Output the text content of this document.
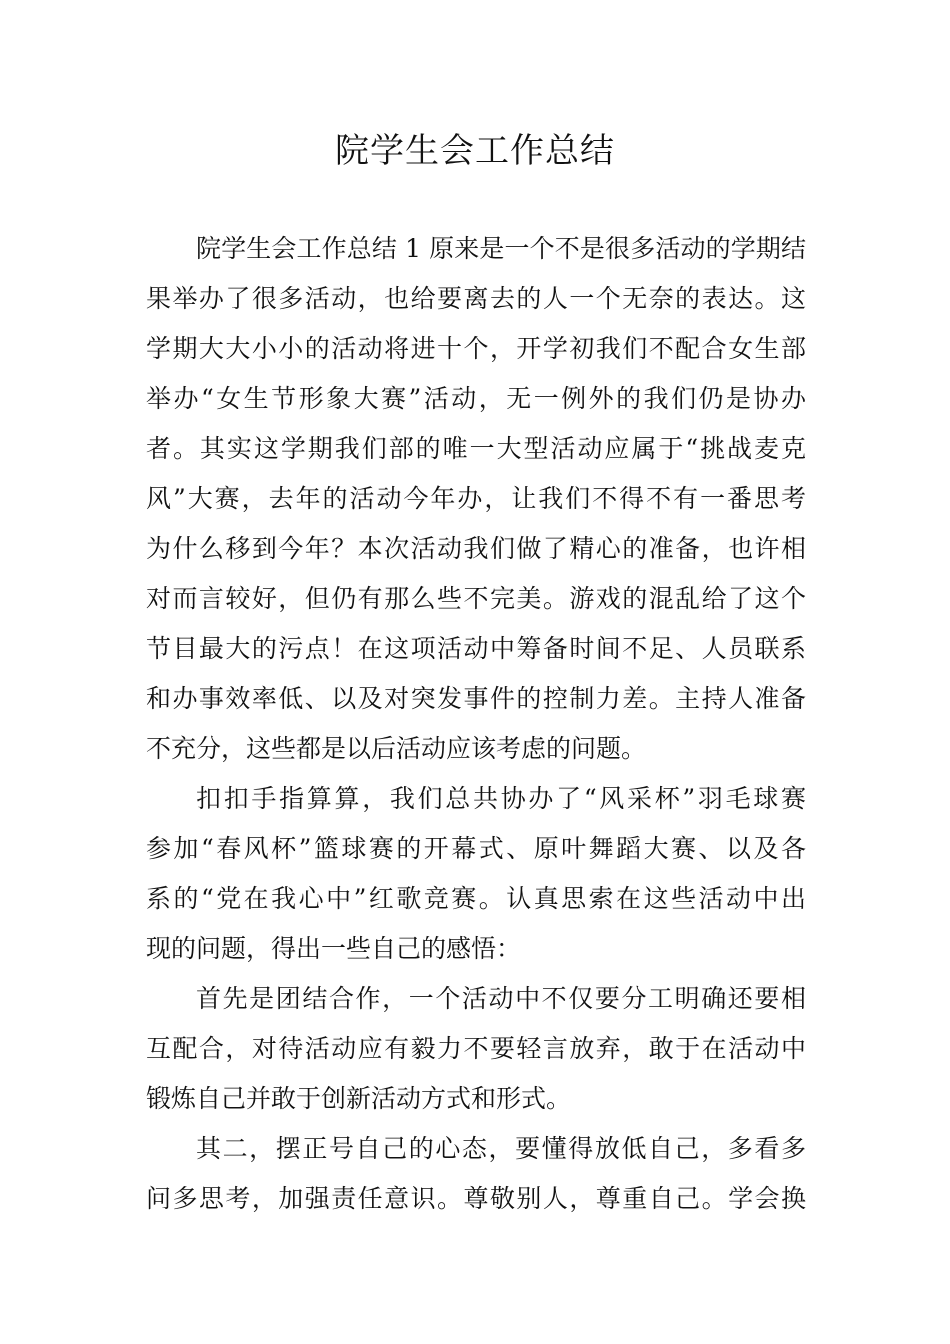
院学生会工作总结
院学生会工作总结 1 原来是一个不是很多活动的学期结
果举办了很多活动，也给要离去的人一个无奈的表达。这
学期大大小小的活动将进十个，开学初我们不配合女生部
举办“女生节形象大赛”活动，无一例外的我们仍是协办
者。其实这学期我们部的唯一大型活动应属于“挑战麦克
风”大赛，去年的活动今年办，让我们不得不有一番思考
为什么移到今年？本次活动我们做了精心的准备，也许相
对而言较好，但仍有那么些不完美。游戏的混乱给了这个
节目最大的污点！在这项活动中筹备时间不足、人员联系
和办事效率低、以及对突发事件的控制力差。主持人准备
不充分，这些都是以后活动应该考虑的问题。
扣扣手指算算，我们总共协办了“风采杯”羽毛球赛
参加“春风杯”篮球赛的开幕式、原叶舞蹈大赛、以及各
系的“党在我心中”红歌竞赛。认真思索在这些活动中出
现的问题，得出一些自己的感悟：
首先是团结合作，一个活动中不仅要分工明确还要相
互配合，对待活动应有毅力不要轻言放弃，敢于在活动中
锻炼自己并敢于创新活动方式和形式。
其二，摆正号自己的心态，要懂得放低自己，多看多
问多思考，加强责任意识。尊敬别人，尊重自己。学会换
